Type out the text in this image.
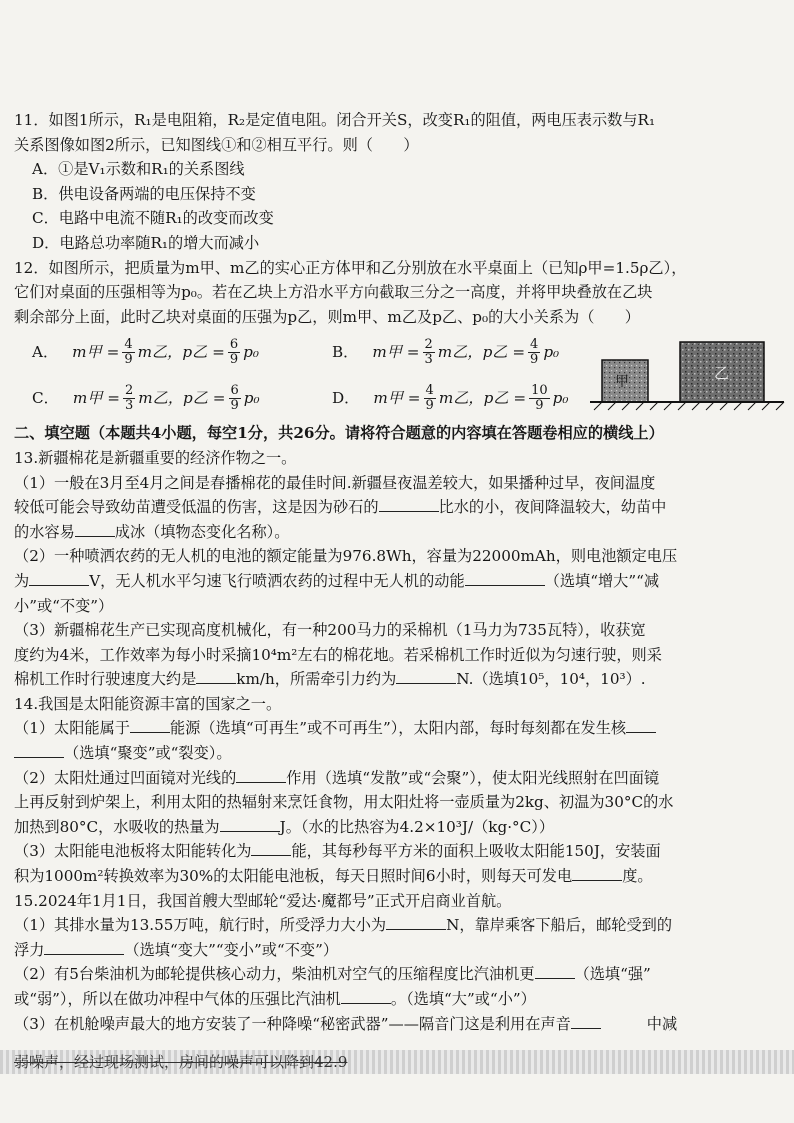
11．如图1所示，R₁是电阻箱，R₂是定值电阻。闭合开关S，改变R₁的阻值，两电压表示数与R₁

关系图像如图2所示，已知图线①和②相互平行。则（　　）

A．①是V₁示数和R₁的关系图线

B．供电设备两端的电压保持不变

C．电路中电流不随R₁的改变而改变

D．电路总功率随R₁的增大而减小

12．如图所示，把质量为m甲、m乙的实心正方体甲和乙分别放在水平桌面上（已知ρ甲=1.5ρ乙），

它们对桌面的压强相等为p₀。若在乙块上方沿水平方向截取三分之一高度，并将甲块叠放在乙块

剩余部分上面，此时乙块对桌面的压强为p乙，则m甲、m乙及p乙、p₀的大小关系为（　　）

A． m甲 = $\frac{4}{9}$ m乙， p乙 = $\frac{6}{9} p_0$	B． m甲 = $\frac{2}{3}$ m乙， p乙 = $\frac{4}{9} p_0$
C． m甲 = $\frac{2}{3}$ m乙， p乙 = $\frac{6}{9} p_0$	D． m甲 = $\frac{4}{9}$ m乙， p乙 = $\frac{10}{9} p_0$

二、填空题（本题共4小题，每空1分，共26分。请将符合题意的内容填在答题卷相应的横线上）

13.新疆棉花是新疆重要的经济作物之一。

（1）一般在3月至4月之间是春播棉花的最佳时间.新疆昼夜温差较大，如果播种过早，夜间温度

较低可能会导致幼苗遭受低温的伤害，这是因为砂石的	比水的小，夜间降温较大，幼苗中

的水容易	成冰（填物态变化名称）。

（2）一种喷洒农药的无人机的电池的额定能量为976.8Wh，容量为22000mAh，则电池额定电压

为	V，无人机水平匀速飞行喷洒农药的过程中无人机的动能	（选填“增大”“减

小”或“不变”）

（3）新疆棉花生产已实现高度机械化，有一种200马力的采棉机（1马力为735瓦特），收获宽

度约为4米，工作效率为每小时采摘10⁴m²左右的棉花地。若采棉机工作时近似为匀速行驶，则采

棉机工作时行驶速度大约是	km/h，所需牵引力约为	N.（选填10⁵，10⁴，10³）.

14.我国是太阳能资源丰富的国家之一。

（1）太阳能属于	能源（选填“可再生”或不可再生”），太阳内部，每时每刻都在发生核

（选填“聚变”或“裂变）。

（2）太阳灶通过凹面镜对光线的	作用（选填“发散”或“会聚”），使太阳光线照射在凹面镜

上再反射到炉架上，利用太阳的热辐射来烹饪食物，用太阳灶将一壶质量为2kg、初温为30°C的水

加热到80°C，水吸收的热量为	J。（水的比热容为4.2×10³J/（kg·°C））

（3）太阳能电池板将太阳能转化为	能，其每秒每平方米的面积上吸收太阳能150J，安装面

积为1000m²转换效率为30%的太阳能电池板，每天日照时间6小时，则每天可发电	度。

15.2024年1月1日，我国首艘大型邮轮“爱达·魔都号”正式开启商业首航。

（1）其排水量为13.55万吨，航行时，所受浮力大小为	N，靠岸乘客下船后，邮轮受到的

浮力	（选填“变大”“变小”或“不变”）

（2）有5台柴油机为邮轮提供核心动力，柴油机对空气的压缩程度比汽油机更	（选填“强”

或“弱”），所以在做功冲程中气体的压强比汽油机	。（选填“大”或“小”）

（3）在机舱噪声最大的地方安装了一种降噪“秘密武器”——隔音门这是利用在声音	中减

甲	乙
弱噪声，经过现场测试，房间的噪声可以降到42.9
